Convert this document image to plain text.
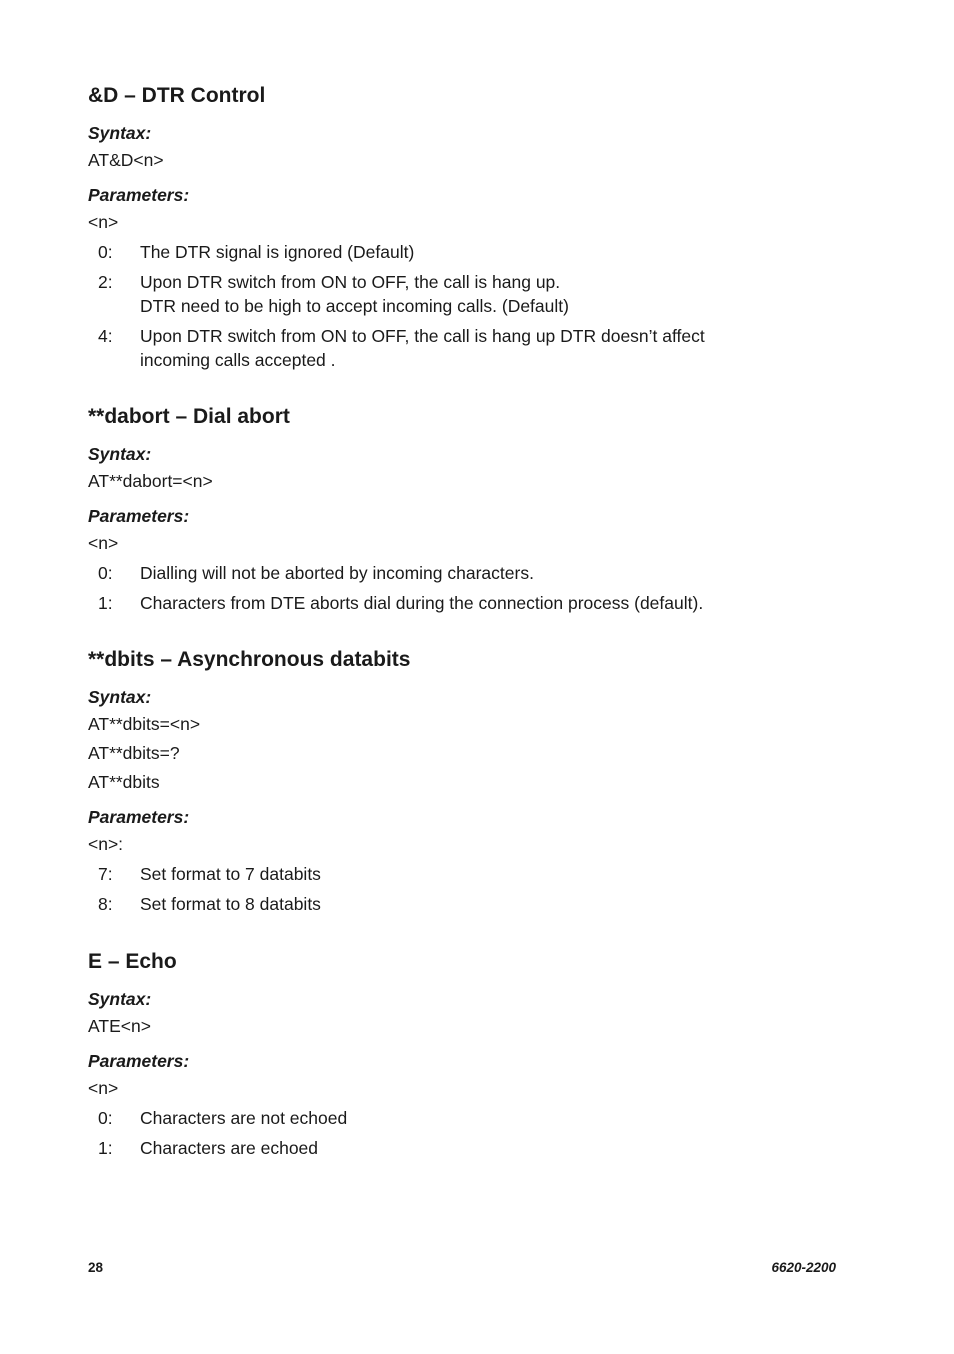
&D – DTR Control
Syntax:
AT&D<n>
Parameters:
<n>
0:	The DTR signal is ignored (Default)
2:	Upon DTR switch from ON to OFF, the call is hang up.
DTR need to be high to accept incoming calls. (Default)
4:	Upon DTR switch from ON to OFF, the call is hang up DTR doesn’t affect
incoming calls accepted .
**dabort – Dial abort
Syntax:
AT**dabort=<n>
Parameters:
<n>
0:	Dialling will not be aborted by incoming characters.
1:	Characters from DTE aborts dial during the connection process (default).
**dbits – Asynchronous databits
Syntax:
AT**dbits=<n>
AT**dbits=?
AT**dbits
Parameters:
<n>:
7:	Set format to 7 databits
8:	Set format to 8 databits
E – Echo
Syntax:
ATE<n>
Parameters:
<n>
0:	Characters are not echoed
1:	Characters are echoed
28	6620-2200
